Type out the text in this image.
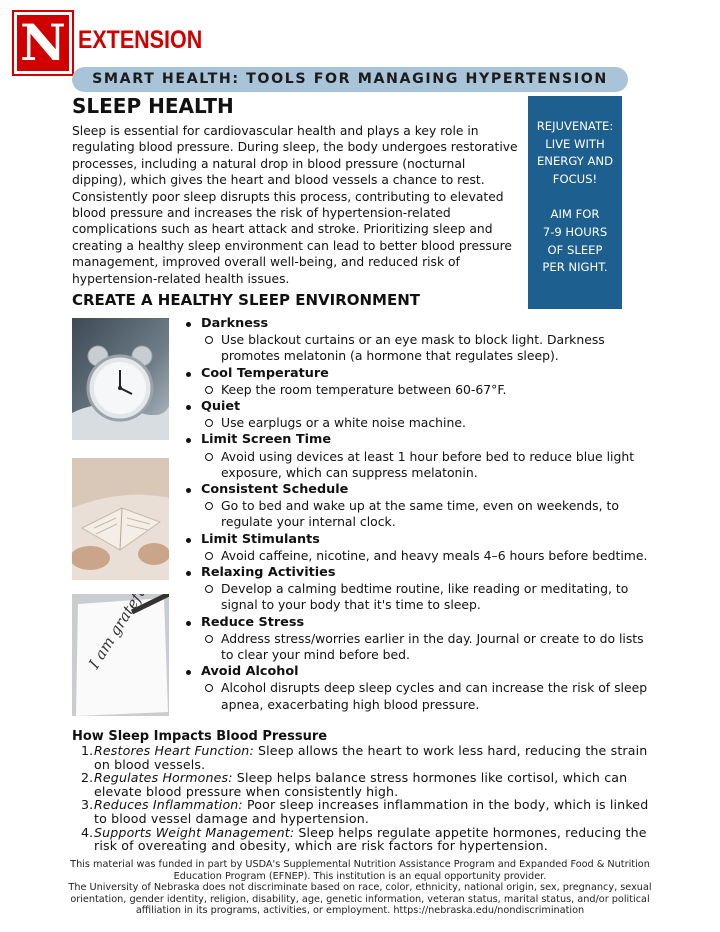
N EXTENSION
SMART HEALTH: TOOLS FOR MANAGING HYPERTENSION
SLEEP HEALTH
Sleep is essential for cardiovascular health and plays a key role in regulating blood pressure. During sleep, the body undergoes restorative processes, including a natural drop in blood pressure (nocturnal dipping), which gives the heart and blood vessels a chance to rest. Consistently poor sleep disrupts this process, contributing to elevated blood pressure and increases the risk of hypertension-related complications such as heart attack and stroke. Prioritizing sleep and creating a healthy sleep environment can lead to better blood pressure management, improved overall well-being, and reduced risk of hypertension-related health issues.
REJUVENATE:
LIVE WITH
ENERGY AND
FOCUS!
AIM FOR
7-9 HOURS
OF SLEEP
PER NIGHT.
CREATE A HEALTHY SLEEP ENVIRONMENT
Darkness
Use blackout curtains or an eye mask to block light. Darkness promotes melatonin (a hormone that regulates sleep).
Cool Temperature
Keep the room temperature between 60-67°F.
Quiet
Use earplugs or a white noise machine.
Limit Screen Time
Avoid using devices at least 1 hour before bed to reduce blue light exposure, which can suppress melatonin.
Consistent Schedule
Go to bed and wake up at the same time, even on weekends, to regulate your internal clock.
Limit Stimulants
Avoid caffeine, nicotine, and heavy meals 4–6 hours before bedtime.
Relaxing Activities
Develop a calming bedtime routine, like reading or meditating, to signal to your body that it's time to sleep.
Reduce Stress
Address stress/worries earlier in the day. Journal or create to do lists to clear your mind before bed.
Avoid Alcohol
Alcohol disrupts deep sleep cycles and can increase the risk of sleep apnea, exacerbating high blood pressure.
How Sleep Impacts Blood Pressure
1. Restores Heart Function: Sleep allows the heart to work less hard, reducing the strain on blood vessels.
2. Regulates Hormones: Sleep helps balance stress hormones like cortisol, which can elevate blood pressure when consistently high.
3. Reduces Inflammation: Poor sleep increases inflammation in the body, which is linked to blood vessel damage and hypertension.
4. Supports Weight Management: Sleep helps regulate appetite hormones, reducing the risk of overeating and obesity, which are risk factors for hypertension.
This material was funded in part by USDA's Supplemental Nutrition Assistance Program and Expanded Food & Nutrition Education Program (EFNEP). This institution is an equal opportunity provider.
The University of Nebraska does not discriminate based on race, color, ethnicity, national origin, sex, pregnancy, sexual orientation, gender identity, religion, disability, age, genetic information, veteran status, marital status, and/or political affiliation in its programs, activities, or employment. https://nebraska.edu/nondiscrimination
